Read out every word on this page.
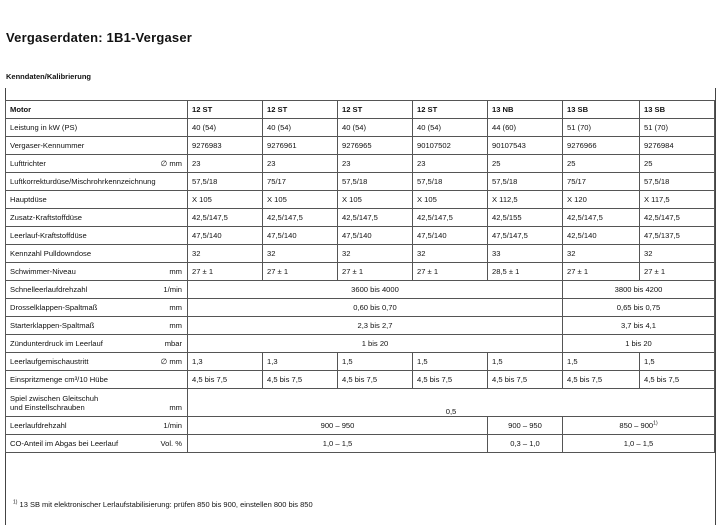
Vergaserdaten: 1B1-Vergaser
Kenndaten/Kalibrierung
Motor	12 ST	12 ST	12 ST	12 ST	13 NB	13 SB	13 SB

Leistung in kW (PS)	40 (54)	40 (54)	40 (54)	40 (54)	44 (60)	51 (70)	51 (70)

Vergaser-Kennummer	9276983	9276961	9276965	90107502	90107543	9276966	9276984

Lufttrichter ∅ mm	23	23	23	23	25	25	25

Luftkorrekturdüse/Mischrohrkennzeichnung	57,5/18	75/17	57,5/18	57,5/18	57,5/18	75/17	57,5/18

Hauptdüse	X 105	X 105	X 105	X 105	X 112,5	X 120	X 117,5

Zusatz-Kraftstoffdüse	42,5/147,5	42,5/147,5	42,5/147,5	42,5/147,5	42,5/155	42,5/147,5	42,5/147,5

Leerlauf-Kraftstoffdüse	47,5/140	47,5/140	47,5/140	47,5/140	47,5/147,5	42,5/140	47,5/137,5

Kennzahl Pulldowndose	32	32	32	32	33	32	32

Schwimmer-Niveau mm	27 ± 1	27 ± 1	27 ± 1	27 ± 1	28,5 ± 1	27 ± 1	27 ± 1

Schnelleerlaufdrehzahl 1/min	3600 bis 4000					3800 bis 4200	

Drosselklappen-Spaltmaß mm	0,60 bis 0,70					0,65 bis 0,75	

Starterklappen-Spaltmaß mm	2,3 bis 2,7					3,7 bis 4,1	

Zündunterdruck im Leerlauf mbar	1 bis 20					1 bis 20	

Leerlaufgemischaustritt ∅ mm	1,3	1,3	1,5	1,5	1,5	1,5	1,5

Einspritzmenge cm³/10 Hübe	4,5 bis 7,5	4,5 bis 7,5	4,5 bis 7,5	4,5 bis 7,5	4,5 bis 7,5	4,5 bis 7,5	4,5 bis 7,5

Spiel zwischen Gleitschuh
und Einstellschrauben mm	0,5						

Leerlaufdrehzahl 1/min	900 – 950				900 – 950	850 – 900$^{1)}$

CO-Anteil im Abgas bei Leerlauf Vol. %	1,0 – 1,5				0,3 – 1,0	1,0 – 1,5	
$^{1)}$ 13 SB mit elektronischer Lerlaufstabilisierung: prüfen 850 bis 900, einstellen 800 bis 850
